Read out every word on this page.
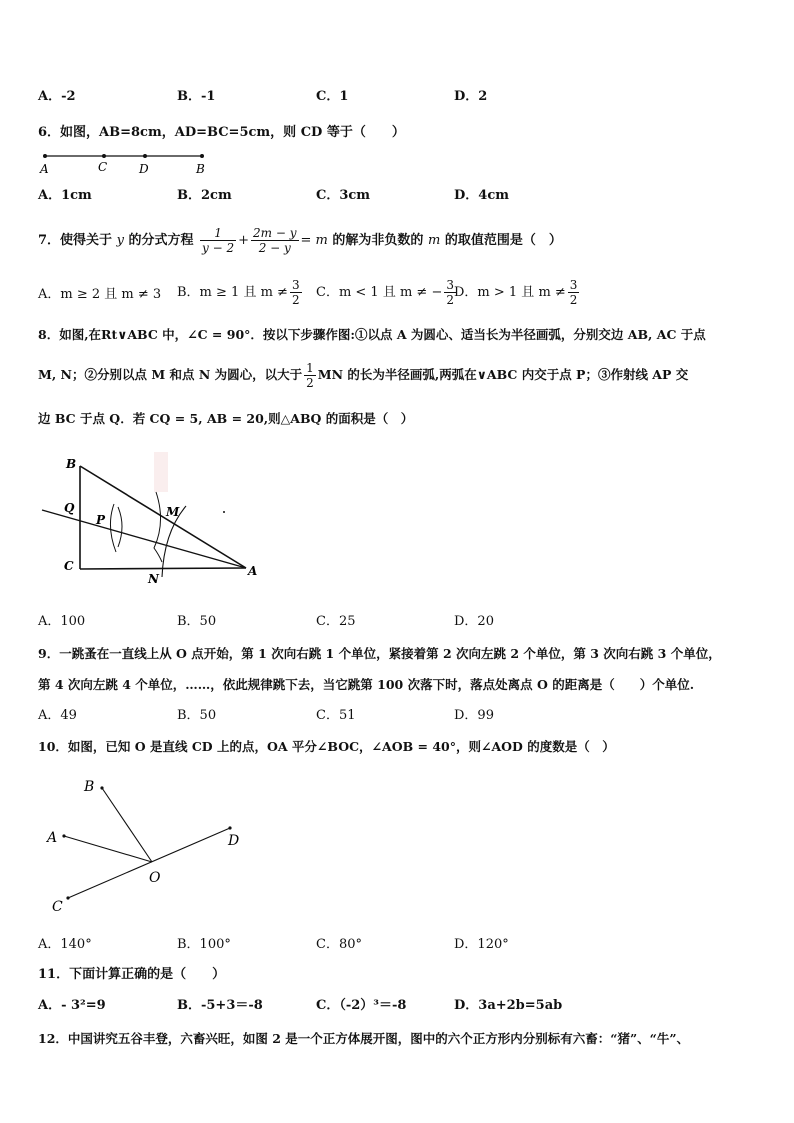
A．-2	B．-1	C．1	D．2
6．如图，AB=8cm，AD=BC=5cm，则 CD 等于（　　）
A	C	D	B
A．1cm	B．2cm	C．3cm	D．4cm
7．使得关于 y 的分式方程 $\frac{1}{y - 2} + \frac{2m - y}{2 - y} = m$ 的解为非负数的 m 的取值范围是（　）
A．m ≥ 2 且 m ≠ 3 B．m ≥ 1 且 $m \ne \frac{3}{2}$ C．m < 1 且 m ≠ − $\frac{3}{2}$
D．m > 1 且 $m \ne \frac{3}{2}$
8．如图,在Rt∨ABC 中，∠C = 90°．按以下步骤作图:①以点 A 为圆心、适当长为半径画弧，分别交边 AB, AC 于点
M, N；②分别以点 M 和点 N 为圆心，以大于 $\frac{1}{2}$ MN 的长为半径画弧,两弧在∨ABC 内交于点 P；③作射线 AP 交
边 BC 于点 Q．若 CQ = 5, AB = 20,则△ABQ 的面积是（　）
B
Q
P
M
C
N
A
A．100	B．50	C．25	D．20
9．一跳蚤在一直线上从 O 点开始，第 1 次向右跳 1 个单位，紧接着第 2 次向左跳 2 个单位，第 3 次向右跳 3 个单位，
第 4 次向左跳 4 个单位，……，依此规律跳下去，当它跳第 100 次落下时，落点处离点 O 的距离是（　　）个单位.
A．49	B．50	C．51	D．99
10．如图，已知 O 是直线 CD 上的点，OA 平分∠BOC，∠AOB = 40°，则∠AOD 的度数是（　）
B
A	D
O
C
A．140°	B．100°	C．80°	D．120°
11．下面计算正确的是（　　）
A．- 3²=9	B．-5+3＝-8	C．（-2）³＝-8	D．3a+2b=5ab
12．中国讲究五谷丰登，六畜兴旺，如图 2 是一个正方体展开图，图中的六个正方形内分别标有六畜：“猪”、“牛”、
